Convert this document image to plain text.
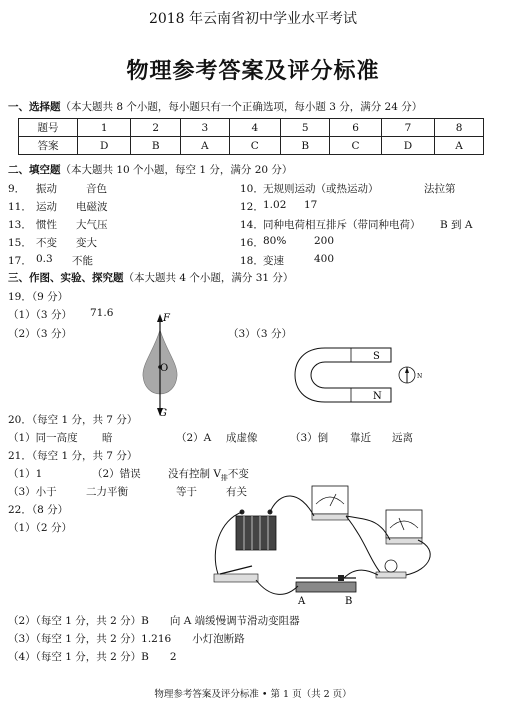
2018 年云南省初中学业水平考试
物理参考答案及评分标准
一、选择题（本大题共 8 个小题，每小题只有一个正确选项，每小题 3 分，满分 24 分）
题号	1	2	3	4	5	6	7	8
答案	D	B	A	C	B	C	D	A
二、填空题（本大题共 10 个小题，每空 1 分，满分 20 分）
9． 振动	音色	10． 无规则运动（或热运动）	法拉第
11． 运动 电磁波	12． 1.02 17
13． 惯性 大气压	14． 同种电荷相互排斥（带同种电荷） B 到 A
15． 不变 变大	16． 80%	200
17． 0.3 不能	18． 变速	400
三、作图、实验、探究题（本大题共 4 个小题，满分 31 分）
19．（9 分）
（1）（3 分） 71.6
（2）（3 分）	（3）（3 分）
F
O
G
S
N
N
20．（每空 1 分，共 7 分）
（1）同一高度 暗	（2）A 成虚像	（3）倒 靠近 远离
21．（每空 1 分，共 7 分）
（1）1	（2）错误	没有控制 $V_排$不变
（3）小于	二力平衡	等于	有关
22．（8 分）
（1）（2 分）
A	B
（2）（每空 1 分，共 2 分）B　　向 A 端缓慢调节滑动变阻器
（3）（每空 1 分，共 2 分）1.216　　小灯泡断路
（4）（每空 1 分，共 2 分）B　　2
物理参考答案及评分标准 • 第 1 页（共 2 页）
